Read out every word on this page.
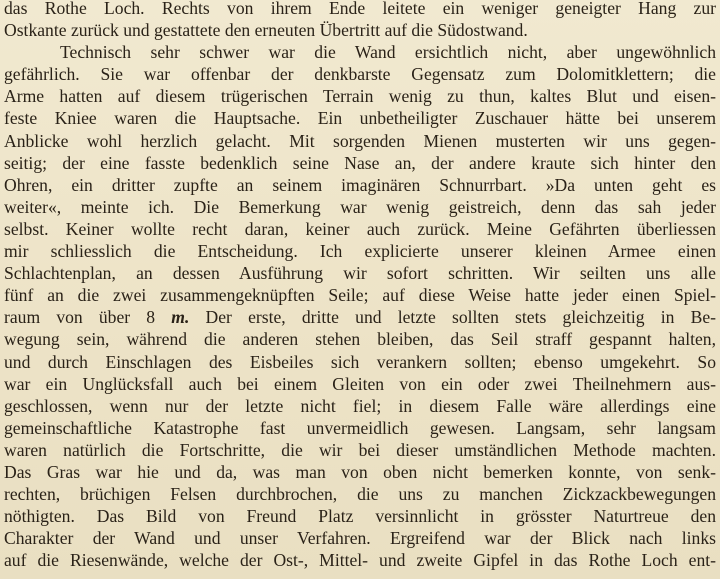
das Rothe Loch. Rechts von ihrem Ende leitete ein weniger geneigter Hang zur
Ostkante zurück und gestattete den erneuten Übertritt auf die Südostwand.
Technisch sehr schwer war die Wand ersichtlich nicht, aber ungewöhnlich
gefährlich. Sie war offenbar der denkbarste Gegensatz zum Dolomitklettern; die
Arme hatten auf diesem trügerischen Terrain wenig zu thun, kaltes Blut und eisen-
feste Kniee waren die Hauptsache. Ein unbetheiligter Zuschauer hätte bei unserem
Anblicke wohl herzlich gelacht. Mit sorgenden Mienen musterten wir uns gegen-
seitig; der eine fasste bedenklich seine Nase an, der andere kraute sich hinter den
Ohren, ein dritter zupfte an seinem imaginären Schnurrbart. »Da unten geht es
weiter«, meinte ich. Die Bemerkung war wenig geistreich, denn das sah jeder
selbst. Keiner wollte recht daran, keiner auch zurück. Meine Gefährten überliessen
mir schliesslich die Entscheidung. Ich explicierte unserer kleinen Armee einen
Schlachtenplan, an dessen Ausführung wir sofort schritten. Wir seilten uns alle
fünf an die zwei zusammengeknüpften Seile; auf diese Weise hatte jeder einen Spiel-
raum von über 8 m. Der erste, dritte und letzte sollten stets gleichzeitig in Be-
wegung sein, während die anderen stehen bleiben, das Seil straff gespannt halten,
und durch Einschlagen des Eisbeiles sich verankern sollten; ebenso umgekehrt. So
war ein Unglücksfall auch bei einem Gleiten von ein oder zwei Theilnehmern aus-
geschlossen, wenn nur der letzte nicht fiel; in diesem Falle wäre allerdings eine
gemeinschaftliche Katastrophe fast unvermeidlich gewesen. Langsam, sehr langsam
waren natürlich die Fortschritte, die wir bei dieser umständlichen Methode machten.
Das Gras war hie und da, was man von oben nicht bemerken konnte, von senk-
rechten, brüchigen Felsen durchbrochen, die uns zu manchen Zickzackbewegungen
nöthigten. Das Bild von Freund Platz versinnlicht in grösster Naturtreue den
Charakter der Wand und unser Verfahren. Ergreifend war der Blick nach links
auf die Riesenwände, welche der Ost-, Mittel- und zweite Gipfel in das Rothe Loch ent-
